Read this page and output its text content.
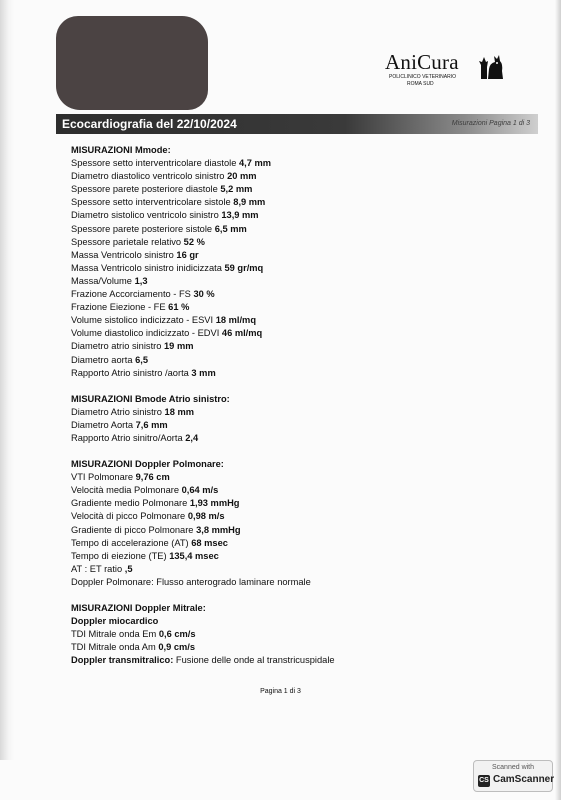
AniCura
POLICLINICO VETERINARIO
ROMA SUD
Ecocardiografia del 22/10/2024	Misurazioni Pagina 1 di 3
MISURAZIONI Mmode:
Spessore setto interventricolare diastole 4,7 mm
Diametro diastolico ventricolo sinistro 20 mm
Spessore parete posteriore diastole 5,2 mm
Spessore setto interventricolare sistole 8,9 mm
Diametro sistolico ventricolo sinistro 13,9 mm
Spessore parete posteriore sistole 6,5 mm
Spessore parietale relativo 52 %
Massa Ventricolo sinistro 16 gr
Massa Ventricolo sinistro inidicizzata 59 gr/mq
Massa/Volume 1,3
Frazione Accorciamento - FS 30 %
Frazione Eiezione - FE 61 %
Volume sistolico indicizzato - ESVI 18 ml/mq
Volume diastolico indicizzato - EDVI 46 ml/mq
Diametro atrio sinistro 19 mm
Diametro aorta 6,5
Rapporto Atrio sinistro /aorta 3 mm
MISURAZIONI Bmode Atrio sinistro:
Diametro Atrio sinistro 18 mm
Diametro Aorta 7,6 mm
Rapporto Atrio sinitro/Aorta 2,4
MISURAZIONI Doppler Polmonare:
VTI Polmonare 9,76 cm
Velocità media Polmonare 0,64 m/s
Gradiente medio Polmonare 1,93 mmHg
Velocità di picco Polmonare 0,98 m/s
Gradiente di picco Polmonare 3,8 mmHg
Tempo di accelerazione (AT) 68 msec
Tempo di eiezione (TE) 135,4 msec
AT : ET ratio ,5
Doppler Polmonare: Flusso anterogrado laminare normale
MISURAZIONI Doppler Mitrale:
Doppler miocardico
TDI Mitrale onda Em 0,6 cm/s
TDI Mitrale onda Am 0,9 cm/s
Doppler transmitralico: Fusione delle onde al transtricuspidale
Pagina 1 di 3
Scanned with
CS CamScanner
